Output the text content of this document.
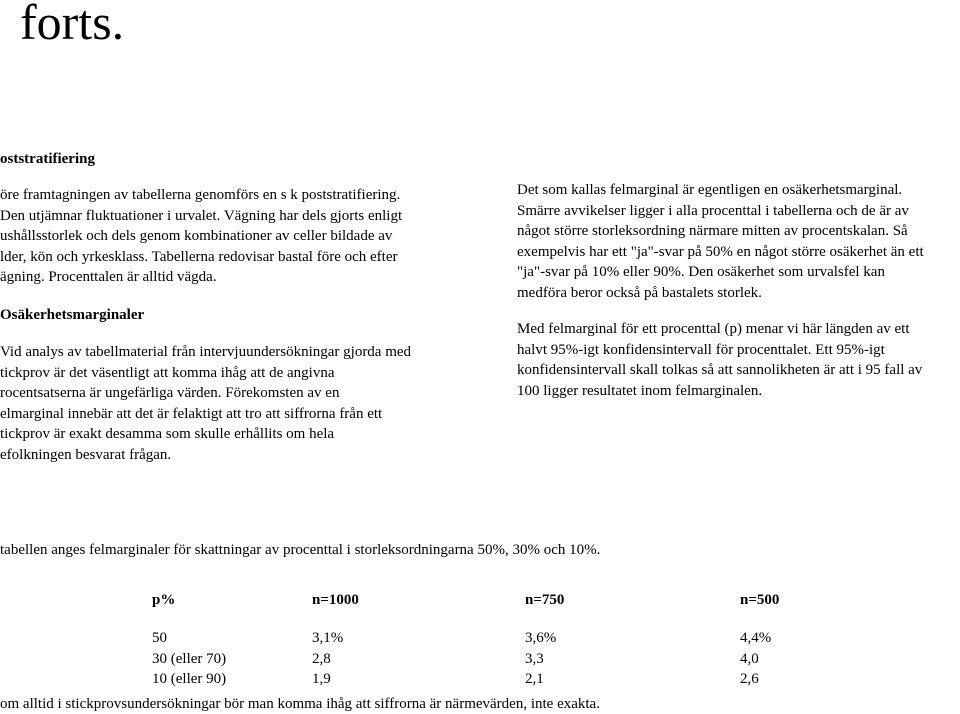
forts.
oststratifiering
öre framtagningen av tabellerna genomförs en s k poststratifiering.
Den utjämnar fluktuationer i urvalet. Vägning har dels gjorts enligt
ushållsstorlek och dels genom kombinationer av celler bildade av
lder, kön och yrkesklass. Tabellerna redovisar bastal före och efter
ägning. Procenttalen är alltid vägda.
Osäkerhetsmarginaler
Vid analys av tabellmaterial från intervjuundersökningar gjorda med
tickprov är det väsentligt att komma ihåg att de angivna
rocentsatserna är ungefärliga värden. Förekomsten av en
elmarginal innebär att det är felaktigt att tro att siffrorna från ett
tickprov är exakt desamma som skulle erhållits om hela
efolkningen besvarat frågan.
Det som kallas felmarginal är egentligen en osäkerhetsmarginal.
Smärre avvikelser ligger i alla procenttal i tabellerna och de är av
något större storleksordning närmare mitten av procentskalan. Så
exempelvis har ett "ja"-svar på 50% en något större osäkerhet än ett
"ja"-svar på 10% eller 90%. Den osäkerhet som urvalsfel kan
medföra beror också på bastalets storlek.
Med felmarginal för ett procenttal (p) menar vi här längden av ett
halvt 95%-igt konfidensintervall för procenttalet. Ett 95%-igt
konfidensintervall skall tolkas så att sannolikheten är att i 95 fall av
100 ligger resultatet inom felmarginalen.
tabellen anges felmarginaler för skattningar av procenttal i storleksordningarna 50%, 30% och 10%.
p%	n=1000	n=750	n=500
50	3,1%	3,6%	4,4%
30 (eller 70)	2,8	3,3	4,0
10 (eller 90)	1,9	2,1	2,6
om alltid i stickprovsundersökningar bör man komma ihåg att siffrorna är närmevärden, inte exakta.
